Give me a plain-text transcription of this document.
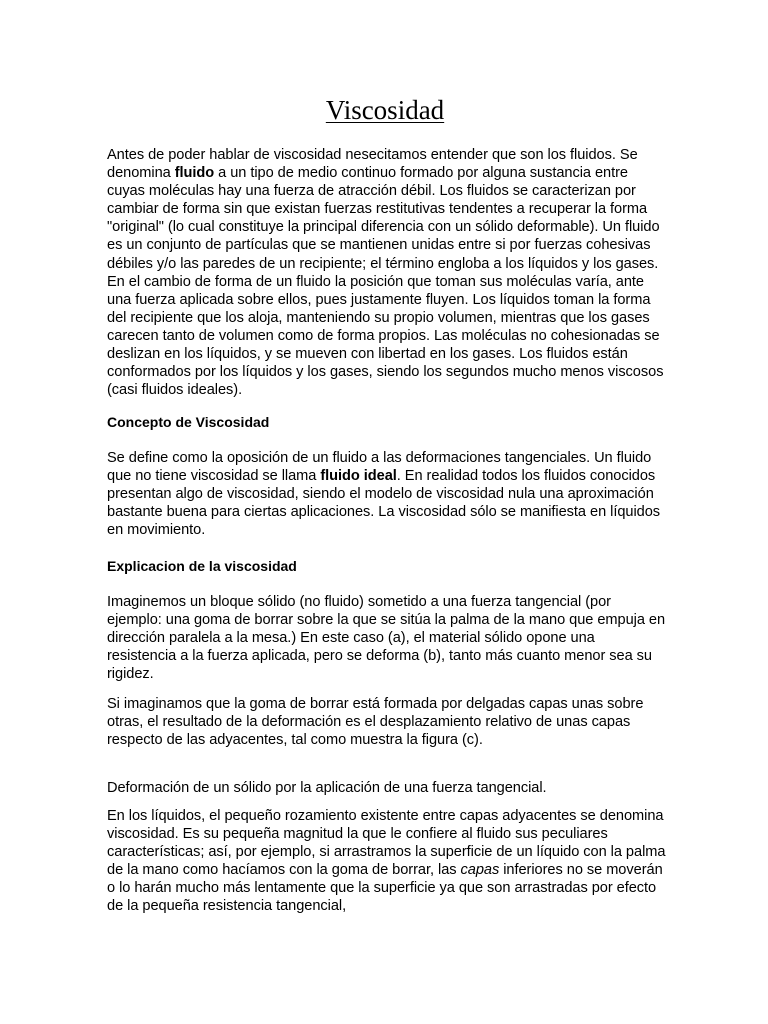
Viscosidad

Antes de poder hablar de viscosidad nesecitamos entender que son los fluidos. Se denomina fluido a un tipo de medio continuo formado por alguna sustancia entre cuyas moléculas hay una fuerza de atracción débil. Los fluidos se caracterizan por cambiar de forma sin que existan fuerzas restitutivas tendentes a recuperar la forma "original" (lo cual constituye la principal diferencia con un sólido deformable). Un fluido es un conjunto de partículas que se mantienen unidas entre si por fuerzas cohesivas débiles y/o las paredes de un recipiente; el término engloba a los líquidos y los gases. En el cambio de forma de un fluido la posición que toman sus moléculas varía, ante una fuerza aplicada sobre ellos, pues justamente fluyen. Los líquidos toman la forma del recipiente que los aloja, manteniendo su propio volumen, mientras que los gases carecen tanto de volumen como de forma propios. Las moléculas no cohesionadas se deslizan en los líquidos, y se mueven con libertad en los gases. Los fluidos están conformados por los líquidos y los gases, siendo los segundos mucho menos viscosos (casi fluidos ideales).

Concepto de Viscosidad

Se define como la oposición de un fluido a las deformaciones tangenciales. Un fluido que no tiene viscosidad se llama fluido ideal. En realidad todos los fluidos conocidos presentan algo de viscosidad, siendo el modelo de viscosidad nula una aproximación bastante buena para ciertas aplicaciones. La viscosidad sólo se manifiesta en líquidos en movimiento.

Explicacion de la viscosidad

Imaginemos un bloque sólido (no fluido) sometido a una fuerza tangencial (por ejemplo: una goma de borrar sobre la que se sitúa la palma de la mano que empuja en dirección paralela a la mesa.) En este caso (a), el material sólido opone una resistencia a la fuerza aplicada, pero se deforma (b), tanto más cuanto menor sea su rigidez.

Si imaginamos que la goma de borrar está formada por delgadas capas unas sobre otras, el resultado de la deformación es el desplazamiento relativo de unas capas respecto de las adyacentes, tal como muestra la figura (c).

Deformación de un sólido por la aplicación de una fuerza tangencial.

En los líquidos, el pequeño rozamiento existente entre capas adyacentes se denomina viscosidad. Es su pequeña magnitud la que le confiere al fluido sus peculiares características; así, por ejemplo, si arrastramos la superficie de un líquido con la palma de la mano como hacíamos con la goma de borrar, las capas inferiores no se moverán o lo harán mucho más lentamente que la superficie ya que son arrastradas por efecto de la pequeña resistencia tangencial,
